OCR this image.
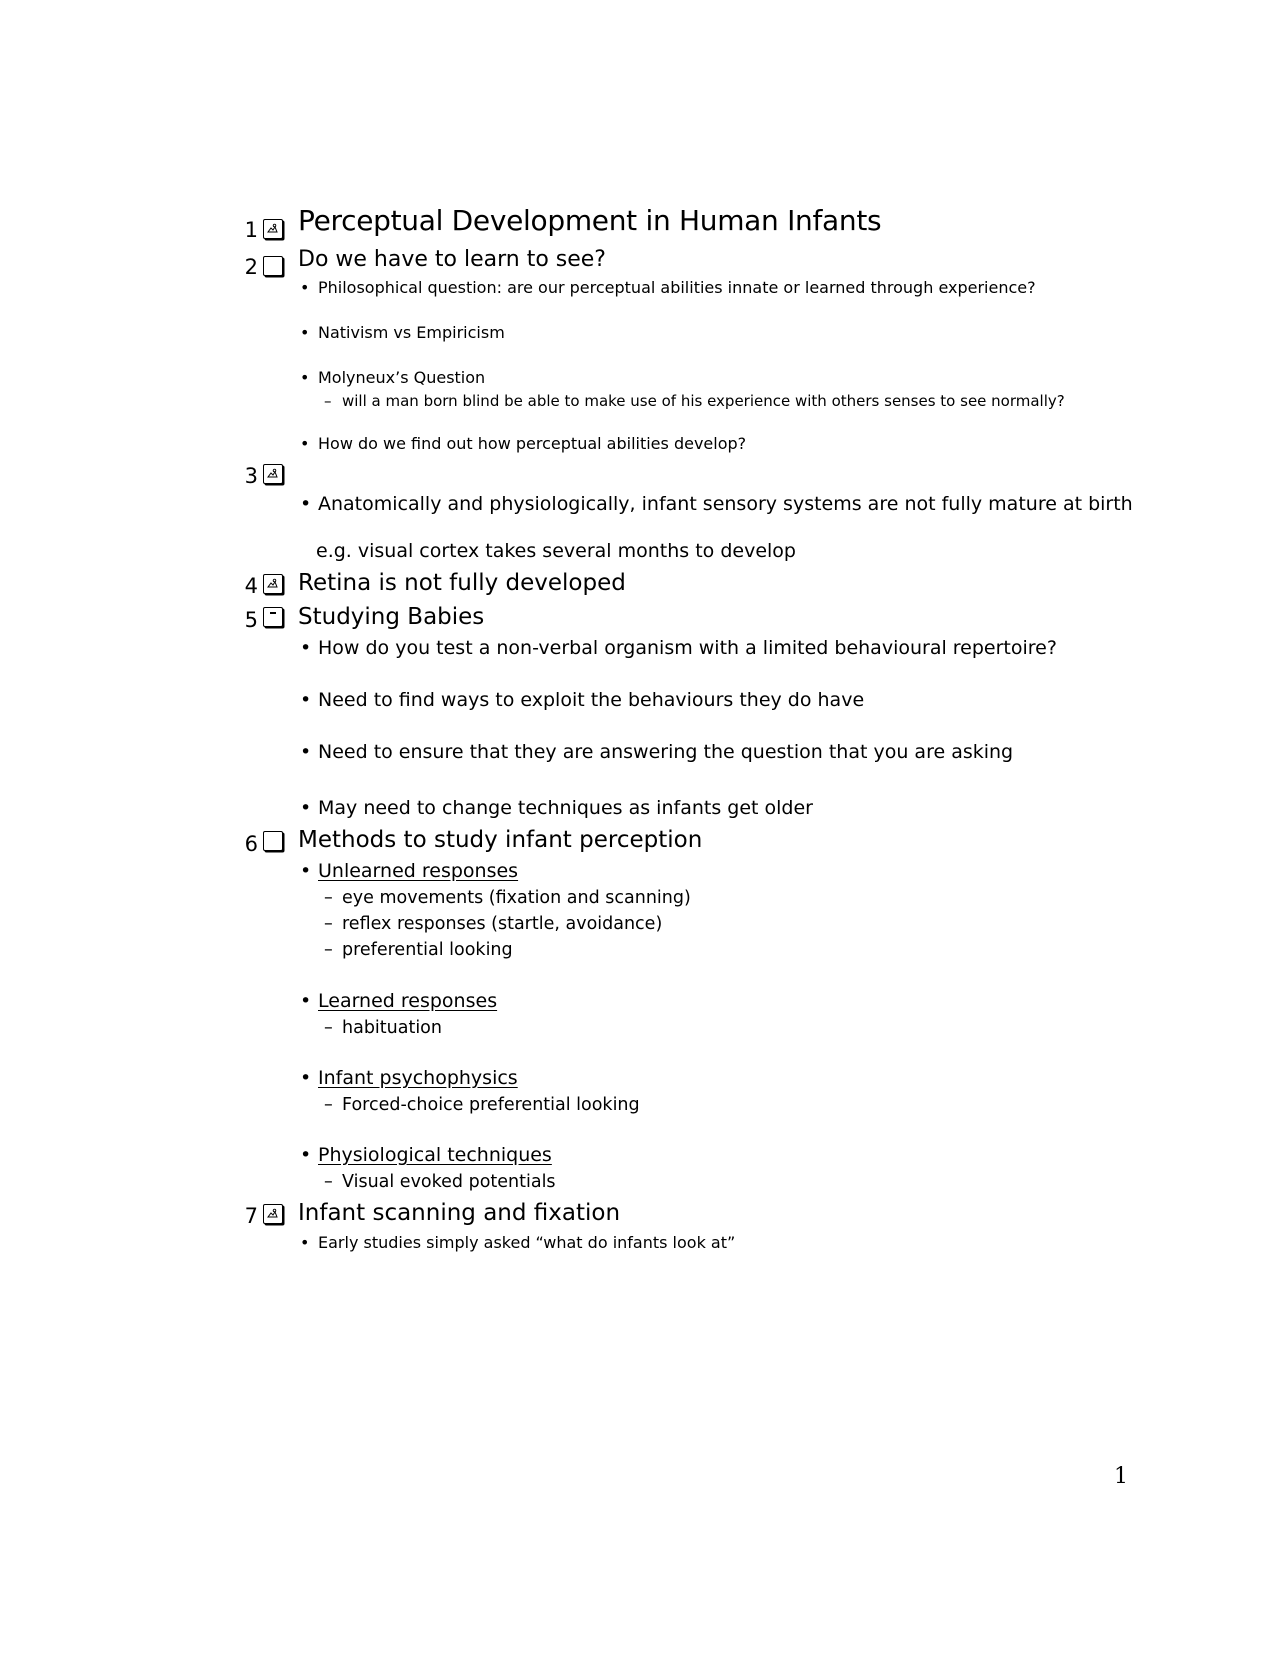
1 Perceptual Development in Human Infants
2 Do we have to learn to see?
• Philosophical question: are our perceptual abilities innate or learned through experience?
• Nativism vs Empiricism
• Molyneux’s Question
– will a man born blind be able to make use of his experience with others senses to see normally?
• How do we find out how perceptual abilities develop?
3
• Anatomically and physiologically, infant sensory systems are not fully mature at birth
e.g. visual cortex takes several months to develop
4 Retina is not fully developed
5 Studying Babies
• How do you test a non-verbal organism with a limited behavioural repertoire?
• Need to find ways to exploit the behaviours they do have
• Need to ensure that they are answering the question that you are asking
• May need to change techniques as infants get older
6 Methods to study infant perception
• Unlearned responses
– eye movements (fixation and scanning)
– reflex responses (startle, avoidance)
– preferential looking
• Learned responses
– habituation
• Infant psychophysics
– Forced-choice preferential looking
• Physiological techniques
– Visual evoked potentials
7 Infant scanning and fixation
• Early studies simply asked “what do infants look at”
1
